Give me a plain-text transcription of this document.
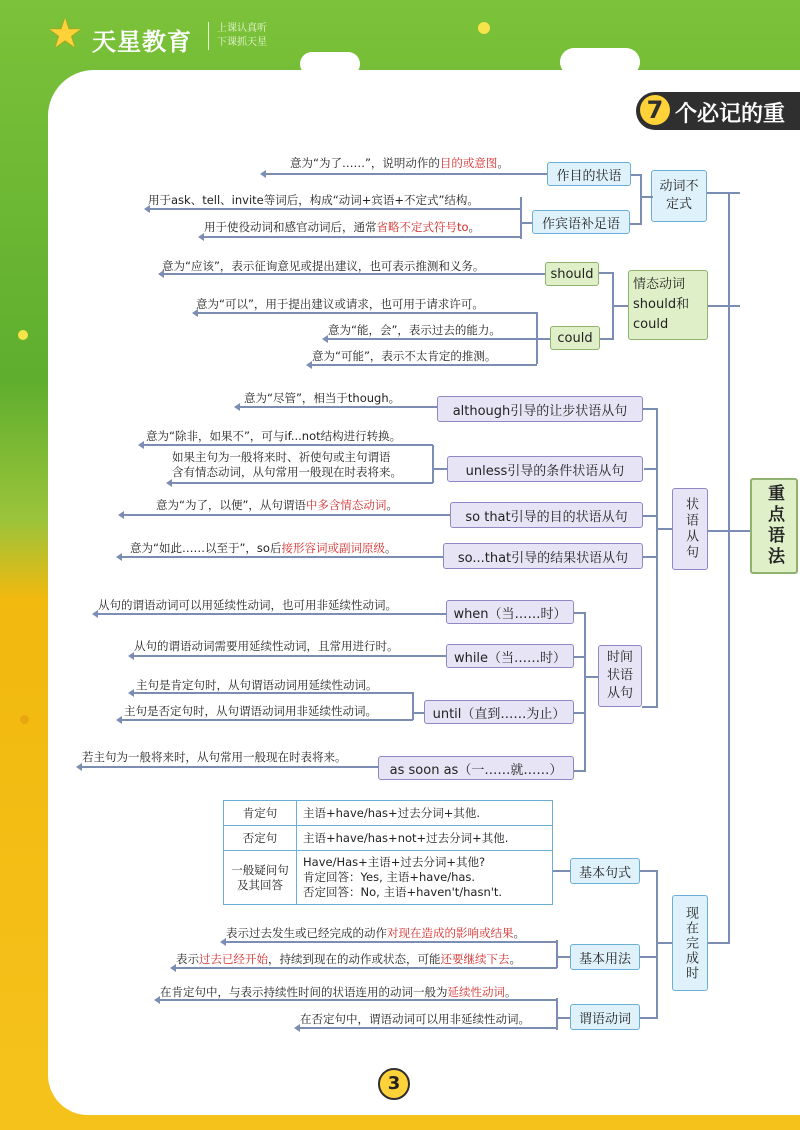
★ 天星教育	上课认真听
下课抓天星
7 个必记的重
重点语法
动词不定式
作目的状语
意为“为了……”，说明动作的目的或意图。
作宾语补足语
用于ask、tell、invite等词后，构成“动词+宾语+不定式”结构。
用于使役动词和感官动词后，通常省略不定式符号to。
情态动词should和could
should
意为“应该”，表示征询意见或提出建议，也可表示推测和义务。
could
意为“可以”，用于提出建议或请求，也可用于请求许可。
意为“能，会”，表示过去的能力。
意为“可能”，表示不太肯定的推测。
状语从句
although引导的让步状语从句
意为“尽管”，相当于though。
unless引导的条件状语从句
意为“除非，如果不”，可与if...not结构进行转换。
如果主句为一般将来时、祈使句或主句谓语
含有情态动词，从句常用一般现在时表将来。
so that引导的目的状语从句
意为“为了，以便”，从句谓语中多含情态动词。
so...that引导的结果状语从句
意为“如此……以至于”，so后接形容词或副词原级。
时间状语从句
when（当……时）
从句的谓语动词可以用延续性动词，也可用非延续性动词。
while（当……时）
从句的谓语动词需要用延续性动词，且常用进行时。
until（直到……为止）
主句是肯定句时，从句谓语动词用延续性动词。
主句是否定句时，从句谓语动词用非延续性动词。
as soon as（一……就……）
若主句为一般将来时，从句常用一般现在时表将来。
现在完成时
基本句式
肯定句	主语+have/has+过去分词+其他.
否定句	主语+have/has+not+过去分词+其他.
一般疑问句及其回答	Have/Has+主语+过去分词+其他?
肯定回答：Yes, 主语+have/has.
否定回答：No, 主语+haven't/hasn't.
基本用法
表示过去发生或已经完成的动作对现在造成的影响或结果。
表示过去已经开始，持续到现在的动作或状态，可能还要继续下去。
谓语动词
在肯定句中，与表示持续性时间的状语连用的动词一般为延续性动词。
在否定句中，谓语动词可以用非延续性动词。
3
